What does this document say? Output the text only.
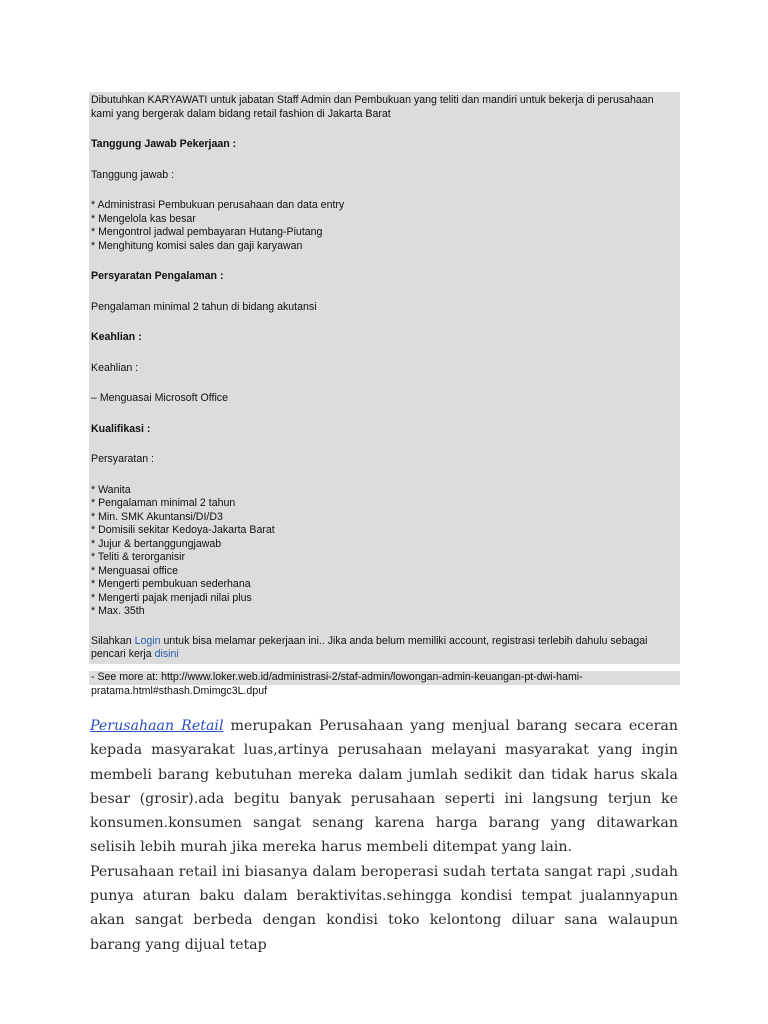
Dibutuhkan KARYAWATI untuk jabatan Staff Admin dan Pembukuan yang teliti dan mandiri untuk bekerja di perusahaan kami yang bergerak dalam bidang retail fashion di Jakarta Barat

Tanggung Jawab Pekerjaan :

Tanggung jawab :

* Administrasi Pembukuan perusahaan dan data entry
* Mengelola kas besar
* Mengontrol jadwal pembayaran Hutang-Piutang
* Menghitung komisi sales dan gaji karyawan

Persyaratan Pengalaman :

Pengalaman minimal 2 tahun di bidang akutansi

Keahlian :

Keahlian :

– Menguasai Microsoft Office

Kualifikasi :

Persyaratan :

* Wanita
* Pengalaman minimal 2 tahun
* Min. SMK Akuntansi/DI/D3
* Domisili sekitar Kedoya-Jakarta Barat
* Jujur & bertanggungjawab
* Teliti & terorganisir
* Menguasai office
* Mengerti pembukuan sederhana
* Mengerti pajak menjadi nilai plus
* Max. 35th

Silahkan Login untuk bisa melamar pekerjaan ini.. Jika anda belum memiliki account, registrasi terlebih dahulu sebagai pencari kerja disini

- See more at: http://www.loker.web.id/administrasi-2/staf-admin/lowongan-admin-keuangan-pt-dwi-hami-
pratama.html#sthash.Dmimgc3L.dpuf

Perusahaan Retail merupakan Perusahaan yang menjual barang secara eceran kepada masyarakat luas,artinya perusahaan melayani masyarakat yang ingin membeli barang kebutuhan mereka dalam jumlah sedikit dan tidak harus skala besar (grosir).ada begitu banyak perusahaan seperti ini langsung terjun ke konsumen.konsumen sangat senang karena harga barang yang ditawarkan selisih lebih murah jika mereka harus membeli ditempat yang lain.

Perusahaan retail ini biasanya dalam beroperasi sudah tertata sangat rapi ,sudah punya aturan baku dalam beraktivitas.sehingga kondisi tempat jualannyapun akan sangat berbeda dengan kondisi toko kelontong diluar sana walaupun barang yang dijual tetap
